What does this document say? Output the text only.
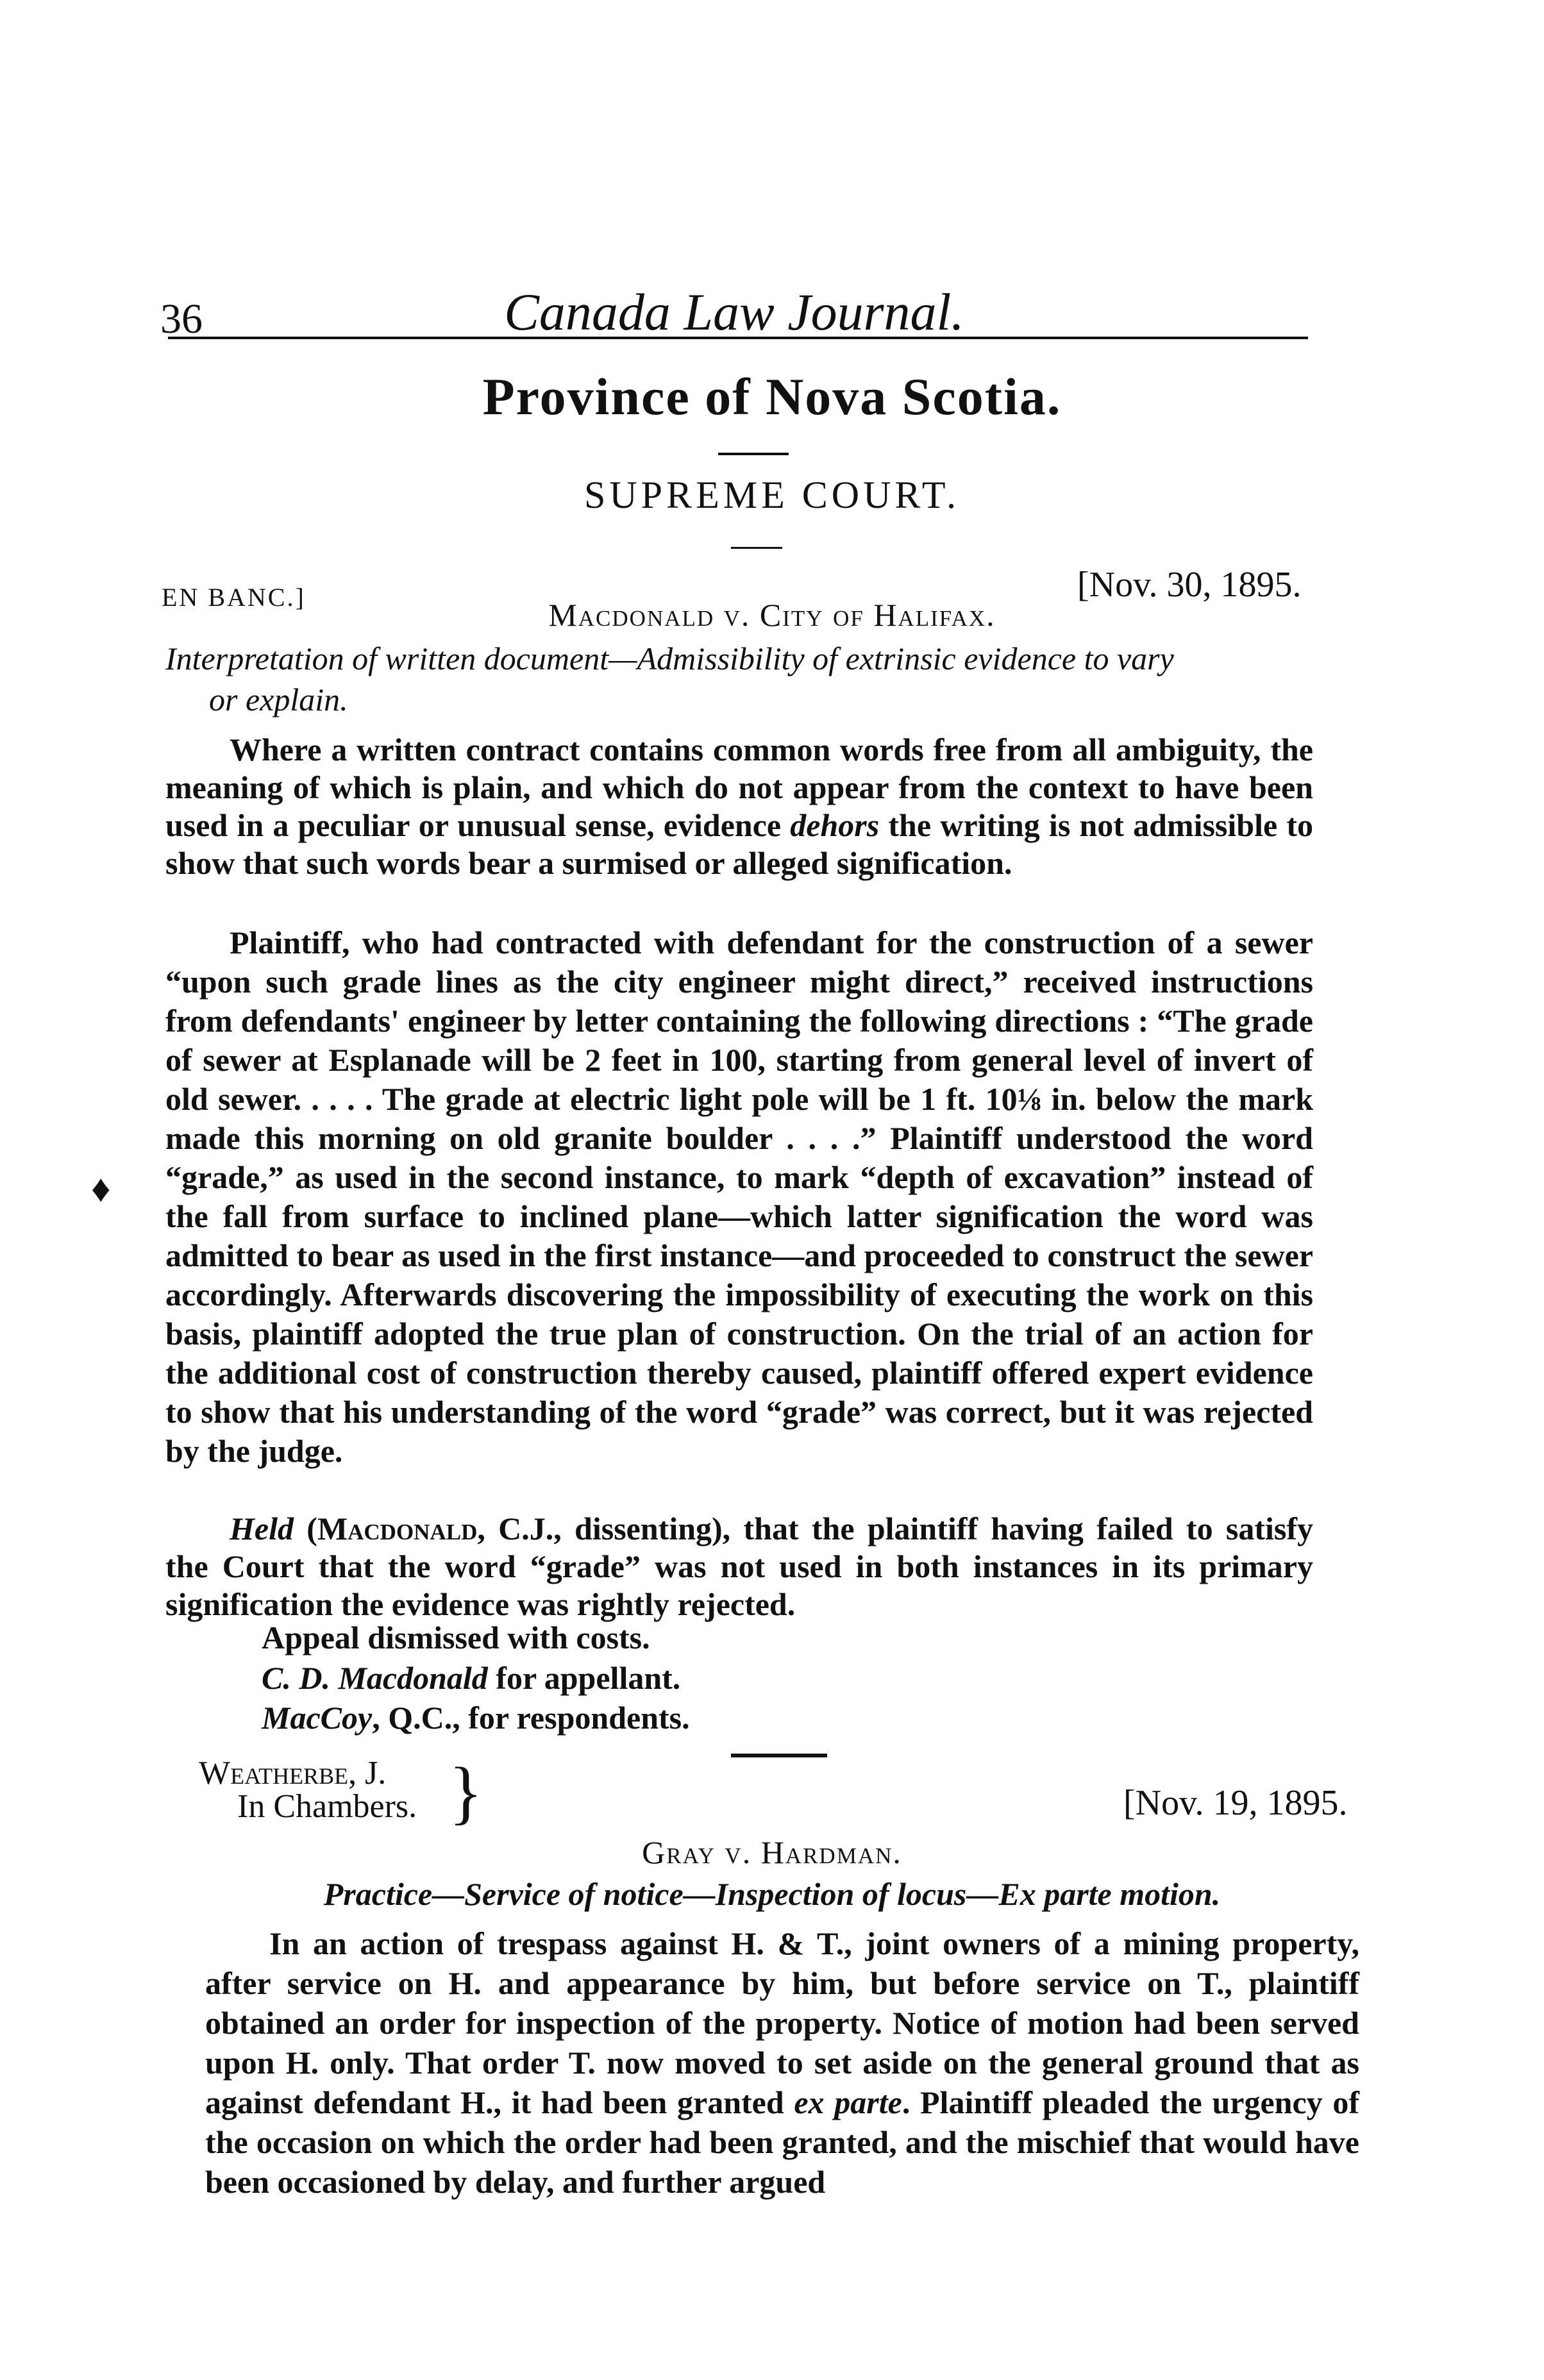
36	Canada Law Journal.
Province of Nova Scotia.
SUPREME COURT.
EN BANC.]	[Nov. 30, 1895.
Macdonald v. City of Halifax.
Interpretation of written document—Admissibility of extrinsic evidence to vary
or explain.
Where a written contract contains common words free from all ambiguity, the meaning of which is plain, and which do not appear from the context to have been used in a peculiar or unusual sense, evidence dehors the writing is not admissible to show that such words bear a surmised or alleged signification.
Plaintiff, who had contracted with defendant for the construction of a sewer “upon such grade lines as the city engineer might direct,” received instructions from defendants' engineer by letter containing the following directions : “The grade of sewer at Esplanade will be 2 feet in 100, starting from general level of invert of old sewer. . . . . The grade at electric light pole will be 1 ft. 10⅛ in. below the mark made this morning on old granite boulder . . . .” Plaintiff understood the word “grade,” as used in the second instance, to mark “depth of excavation” instead of the fall from surface to inclined plane—which latter signification the word was admitted to bear as used in the first instance—and proceeded to construct the sewer accordingly. Afterwards discovering the impossibility of executing the work on this basis, plaintiff adopted the true plan of construction. On the trial of an action for the additional cost of construction thereby caused, plaintiff offered expert evidence to show that his understanding of the word “grade” was correct, but it was rejected by the judge.
♦
Held (Macdonald, C.J., dissenting), that the plaintiff having failed to satisfy the Court that the word “grade” was not used in both instances in its primary signification the evidence was rightly rejected.
Appeal dismissed with costs.
C. D. Macdonald for appellant.
MacCoy, Q.C., for respondents.
Weatherbe, J.
In Chambers. }	[Nov. 19, 1895.
Gray v. Hardman.
Practice—Service of notice—Inspection of locus—Ex parte motion.
In an action of trespass against H. & T., joint owners of a mining property, after service on H. and appearance by him, but before service on T., plaintiff obtained an order for inspection of the property. Notice of motion had been served upon H. only. That order T. now moved to set aside on the general ground that as against defendant H., it had been granted ex parte. Plaintiff pleaded the urgency of the occasion on which the order had been granted, and the mischief that would have been occasioned by delay, and further argued
